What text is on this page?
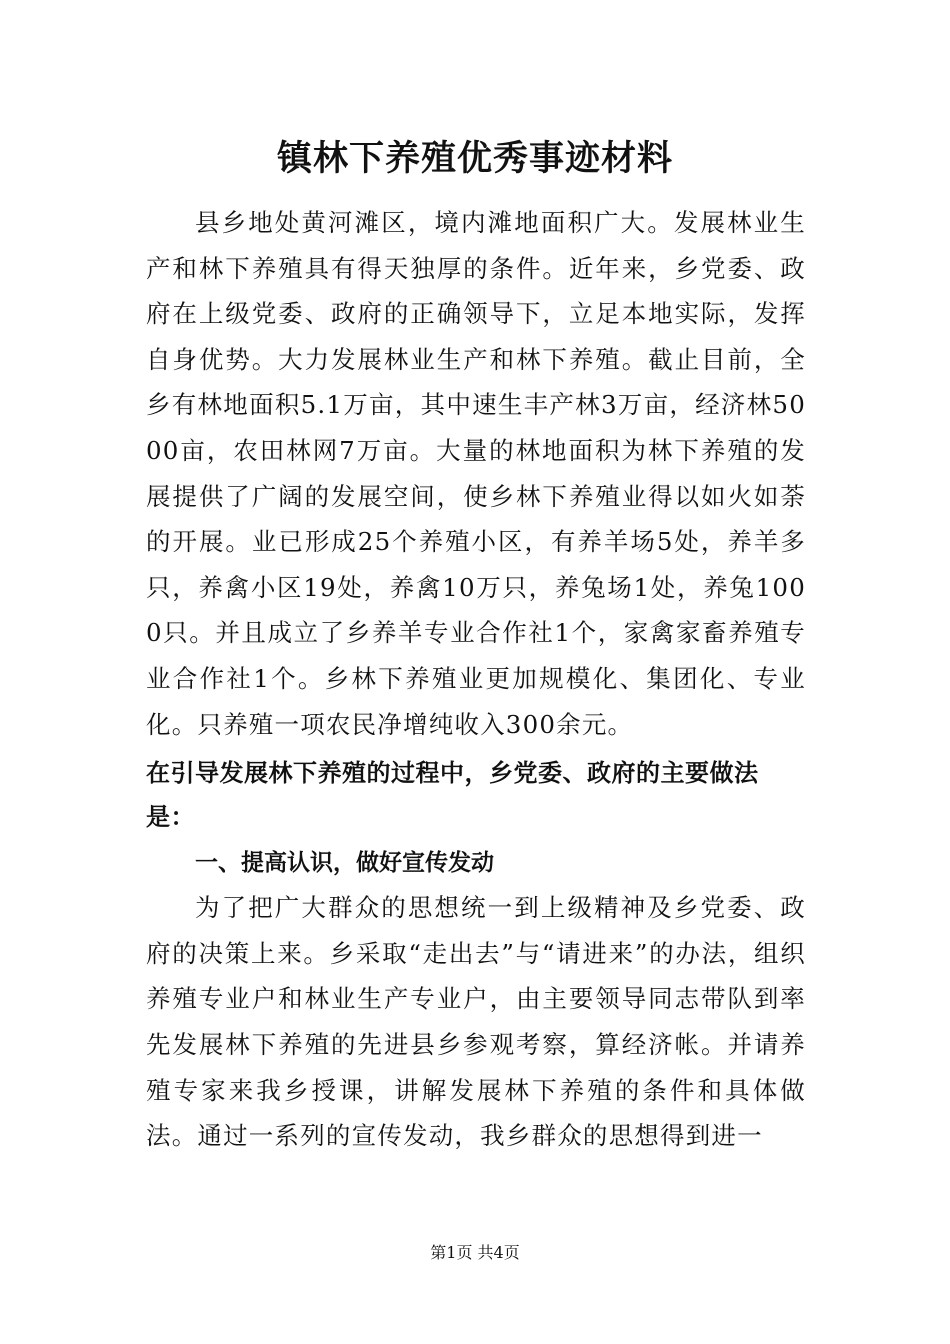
镇林下养殖优秀事迹材料

县乡地处黄河滩区，境内滩地面积广大。发展林业生产和林下养殖具有得天独厚的条件。近年来，乡党委、政府在上级党委、政府的正确领导下，立足本地实际，发挥自身优势。大力发展林业生产和林下养殖。截止目前，全乡有林地面积5.1万亩，其中速生丰产林3万亩，经济林5000亩，农田林网7万亩。大量的林地面积为林下养殖的发展提供了广阔的发展空间，使乡林下养殖业得以如火如荼的开展。业已形成25个养殖小区，有养羊场5处，养羊多只，养禽小区19处，养禽10万只，养兔场1处，养兔1000只。并且成立了乡养羊专业合作社1个，家禽家畜养殖专业合作社1个。乡林下养殖业更加规模化、集团化、专业化。只养殖一项农民净增纯收入300余元。

在引导发展林下养殖的过程中，乡党委、政府的主要做法是：

一、提高认识，做好宣传发动

为了把广大群众的思想统一到上级精神及乡党委、政府的决策上来。乡采取“走出去”与“请进来”的办法，组织养殖专业户和林业生产专业户，由主要领导同志带队到率先发展林下养殖的先进县乡参观考察，算经济帐。并请养殖专家来我乡授课，讲解发展林下养殖的条件和具体做法。通过一系列的宣传发动，我乡群众的思想得到进一

第1页 共4页
